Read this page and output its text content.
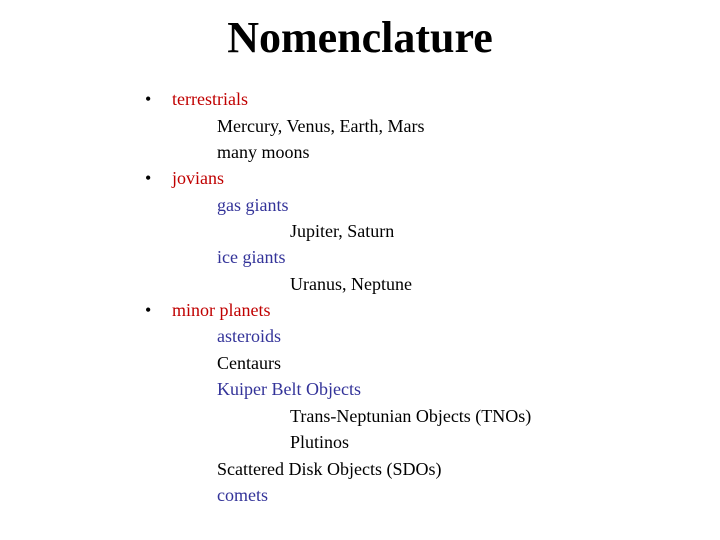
Nomenclature
• terrestrials
Mercury, Venus, Earth, Mars
many moons
• jovians
gas giants
Jupiter, Saturn
ice giants
Uranus, Neptune
• minor planets
asteroids
Centaurs
Kuiper Belt Objects
Trans-Neptunian Objects (TNOs)
Plutinos
Scattered Disk Objects (SDOs)
comets
